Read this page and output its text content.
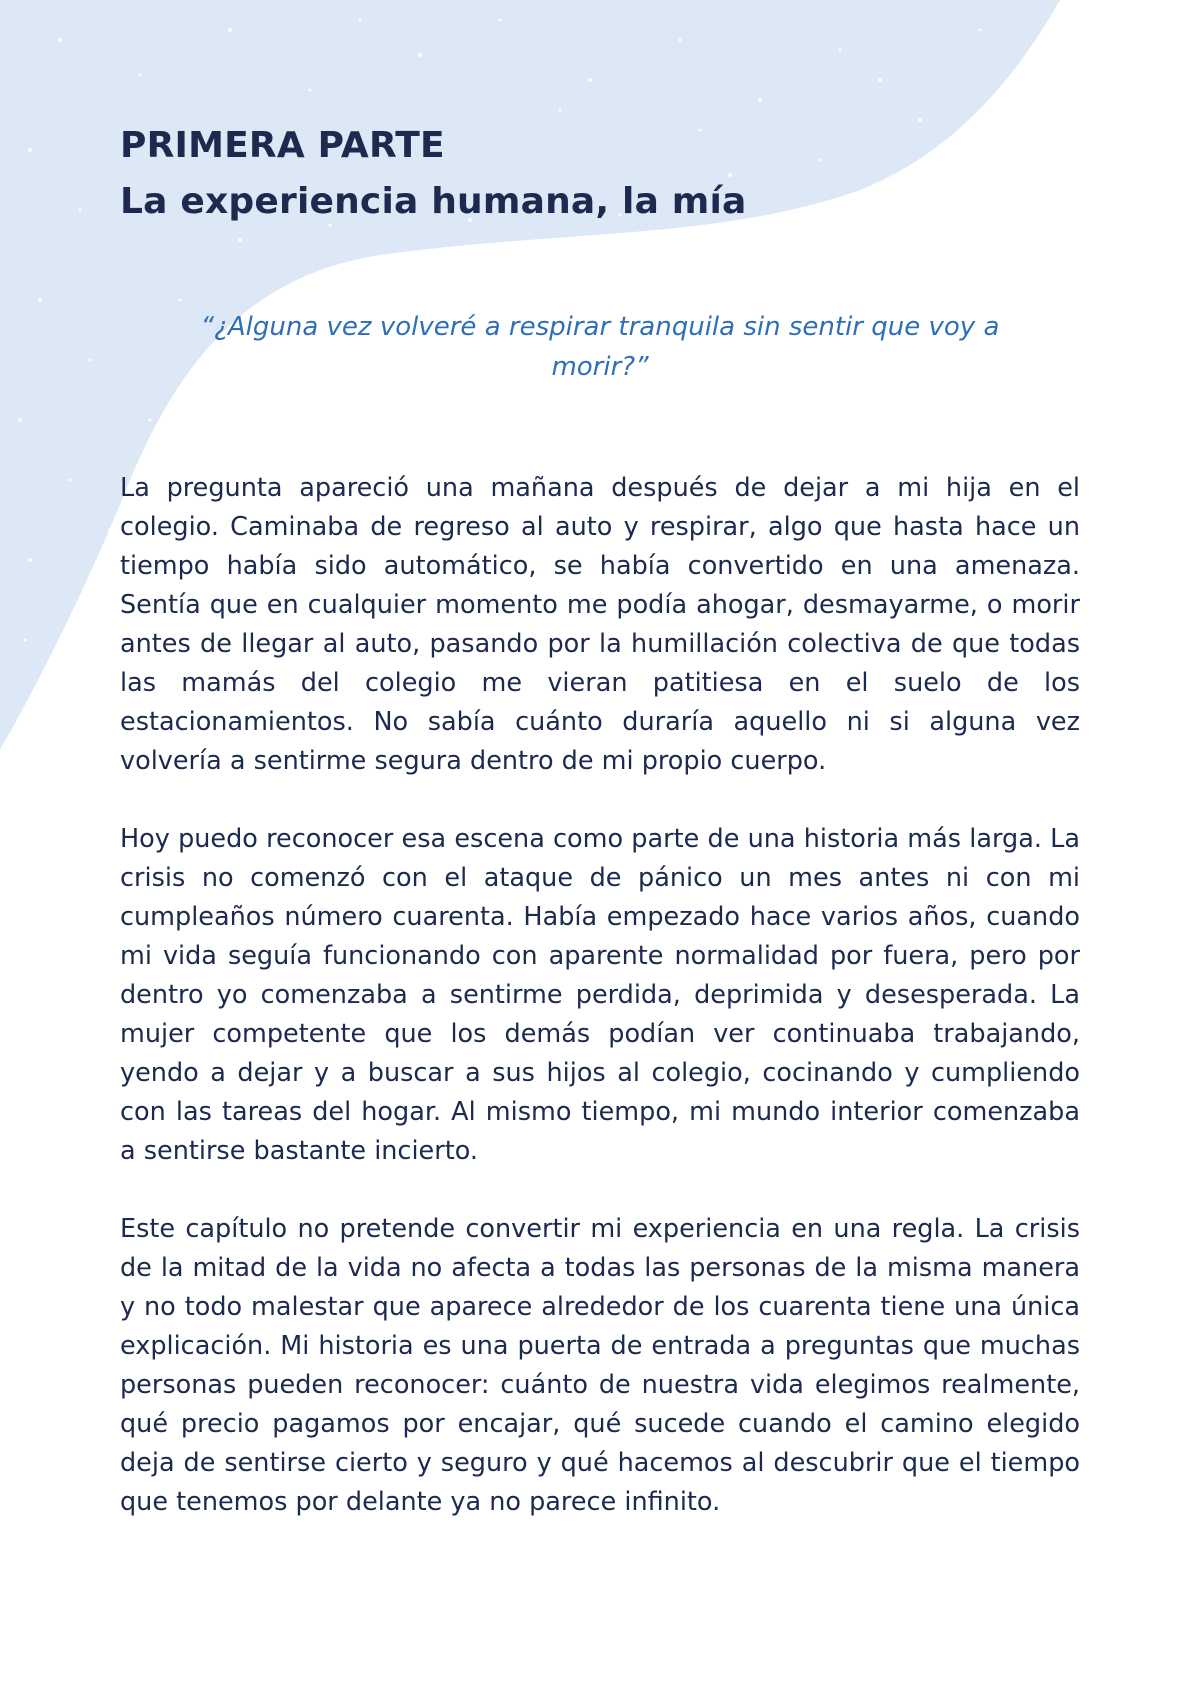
PRIMERA PARTE
La experiencia humana, la mía
“¿Alguna vez volveré a respirar tranquila sin sentir que voy a morir?”

La pregunta apareció una mañana después de dejar a mi hija en el colegio. Caminaba de regreso al auto y respirar, algo que hasta hace un tiempo había sido automático, se había convertido en una amenaza. Sentía que en cualquier momento me podía ahogar, desmayarme, o morir antes de llegar al auto, pasando por la humillación colectiva de que todas las mamás del colegio me vieran patitiesa en el suelo de los estacionamientos. No sabía cuánto duraría aquello ni si alguna vez volvería a sentirme segura dentro de mi propio cuerpo.

Hoy puedo reconocer esa escena como parte de una historia más larga. La crisis no comenzó con el ataque de pánico un mes antes ni con mi cumpleaños número cuarenta. Había empezado hace varios años, cuando mi vida seguía funcionando con aparente normalidad por fuera, pero por dentro yo comenzaba a sentirme perdida, deprimida y desesperada. La mujer competente que los demás podían ver continuaba trabajando, yendo a dejar y a buscar a sus hijos al colegio, cocinando y cumpliendo con las tareas del hogar. Al mismo tiempo, mi mundo interior comenzaba a sentirse bastante incierto.

Este capítulo no pretende convertir mi experiencia en una regla. La crisis de la mitad de la vida no afecta a todas las personas de la misma manera y no todo malestar que aparece alrededor de los cuarenta tiene una única explicación. Mi historia es una puerta de entrada a preguntas que muchas personas pueden reconocer: cuánto de nuestra vida elegimos realmente, qué precio pagamos por encajar, qué sucede cuando el camino elegido deja de sentirse cierto y seguro y qué hacemos al descubrir que el tiempo que tenemos por delante ya no parece infinito.
